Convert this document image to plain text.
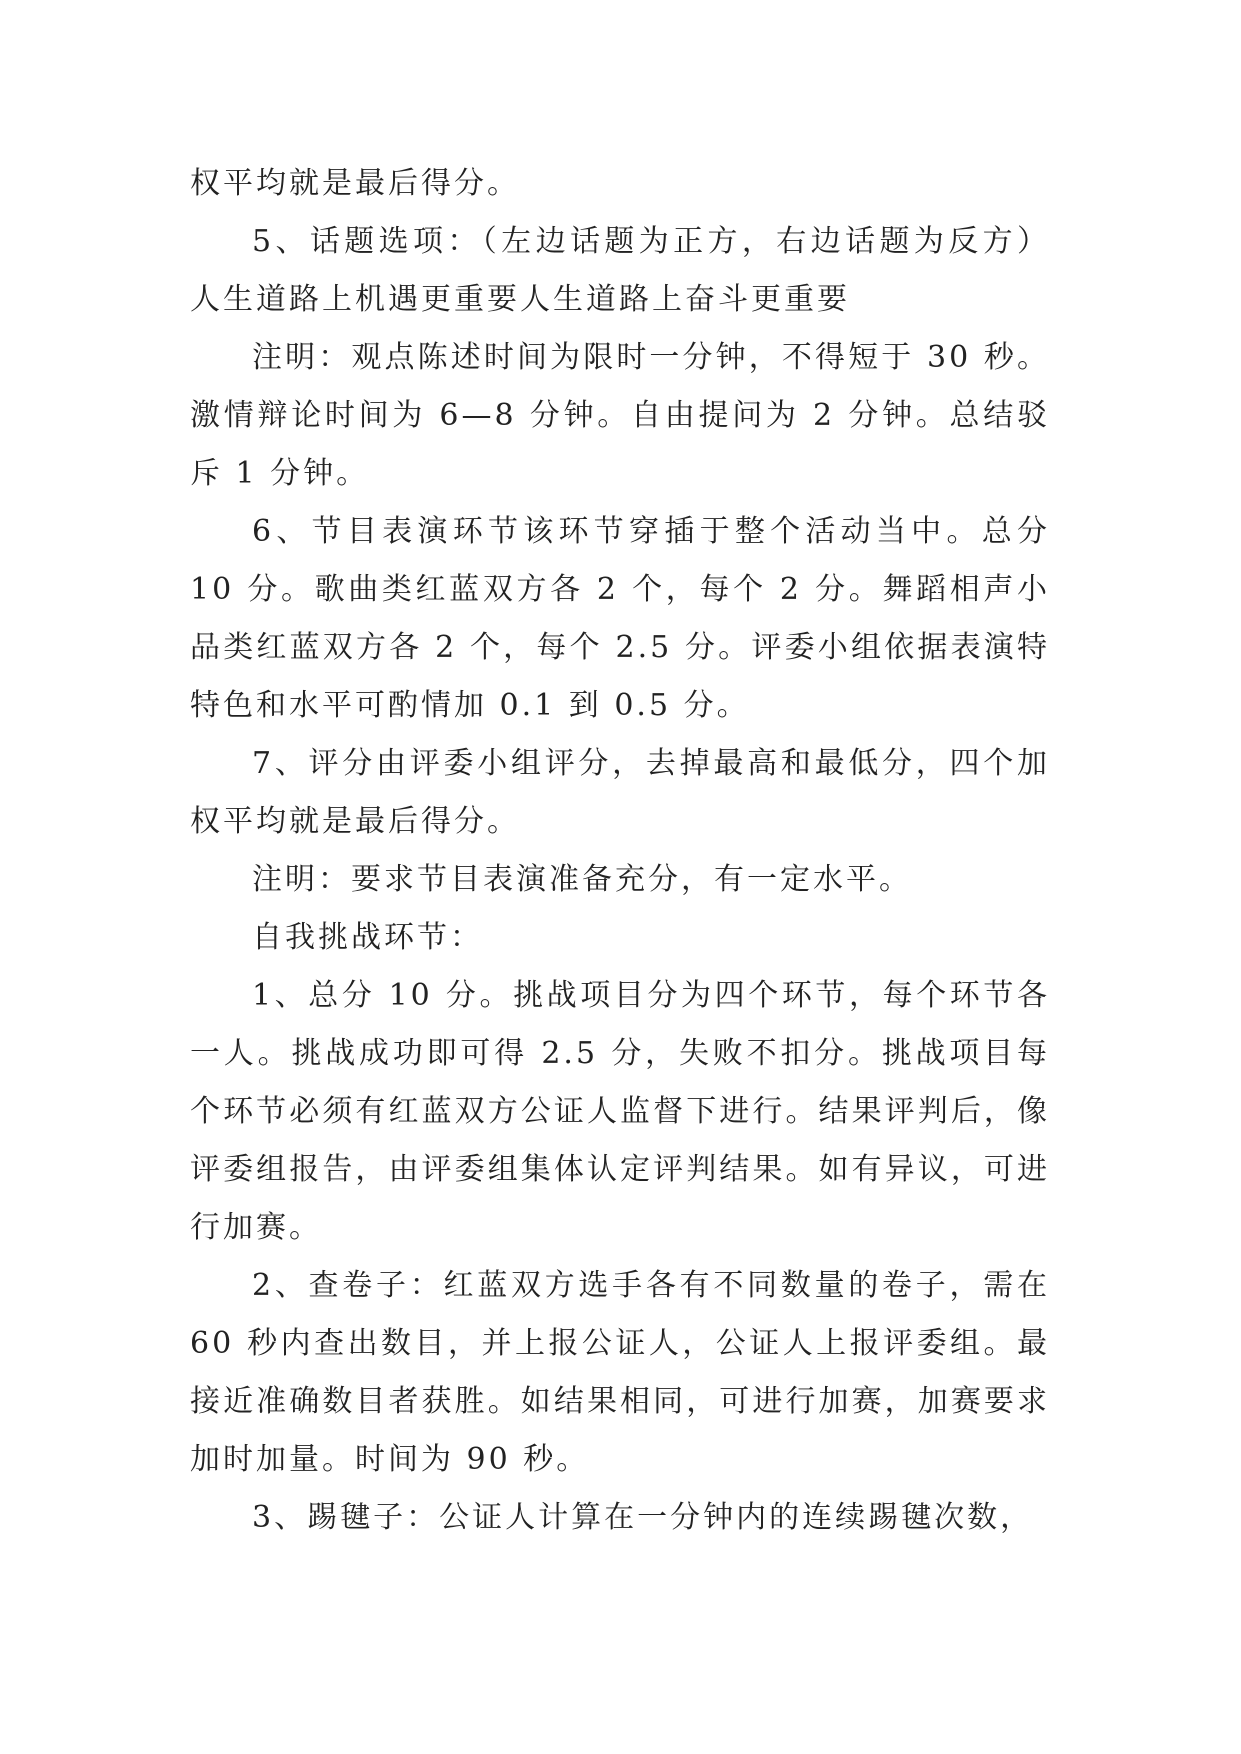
权平均就是最后得分。

5、话题选项：（左边话题为正方，右边话题为反方）人生道路上机遇更重要人生道路上奋斗更重要

注明：观点陈述时间为限时一分钟，不得短于 30 秒。激情辩论时间为 6—8 分钟。自由提问为 2 分钟。总结驳斥 1 分钟。

6、节目表演环节该环节穿插于整个活动当中。总分 10 分。歌曲类红蓝双方各 2 个，每个 2 分。舞蹈相声小品类红蓝双方各 2 个，每个 2.5 分。评委小组依据表演特特色和水平可酌情加 0.1 到 0.5 分。

7、评分由评委小组评分，去掉最高和最低分，四个加权平均就是最后得分。

注明：要求节目表演准备充分，有一定水平。

自我挑战环节：

1、总分 10 分。挑战项目分为四个环节，每个环节各一人。挑战成功即可得 2.5 分，失败不扣分。挑战项目每个环节必须有红蓝双方公证人监督下进行。结果评判后，像评委组报告，由评委组集体认定评判结果。如有异议，可进行加赛。

2、查卷子：红蓝双方选手各有不同数量的卷子，需在 60 秒内查出数目，并上报公证人，公证人上报评委组。最接近准确数目者获胜。如结果相同，可进行加赛，加赛要求加时加量。时间为 90 秒。

3、踢毽子：公证人计算在一分钟内的连续踢毽次数，
